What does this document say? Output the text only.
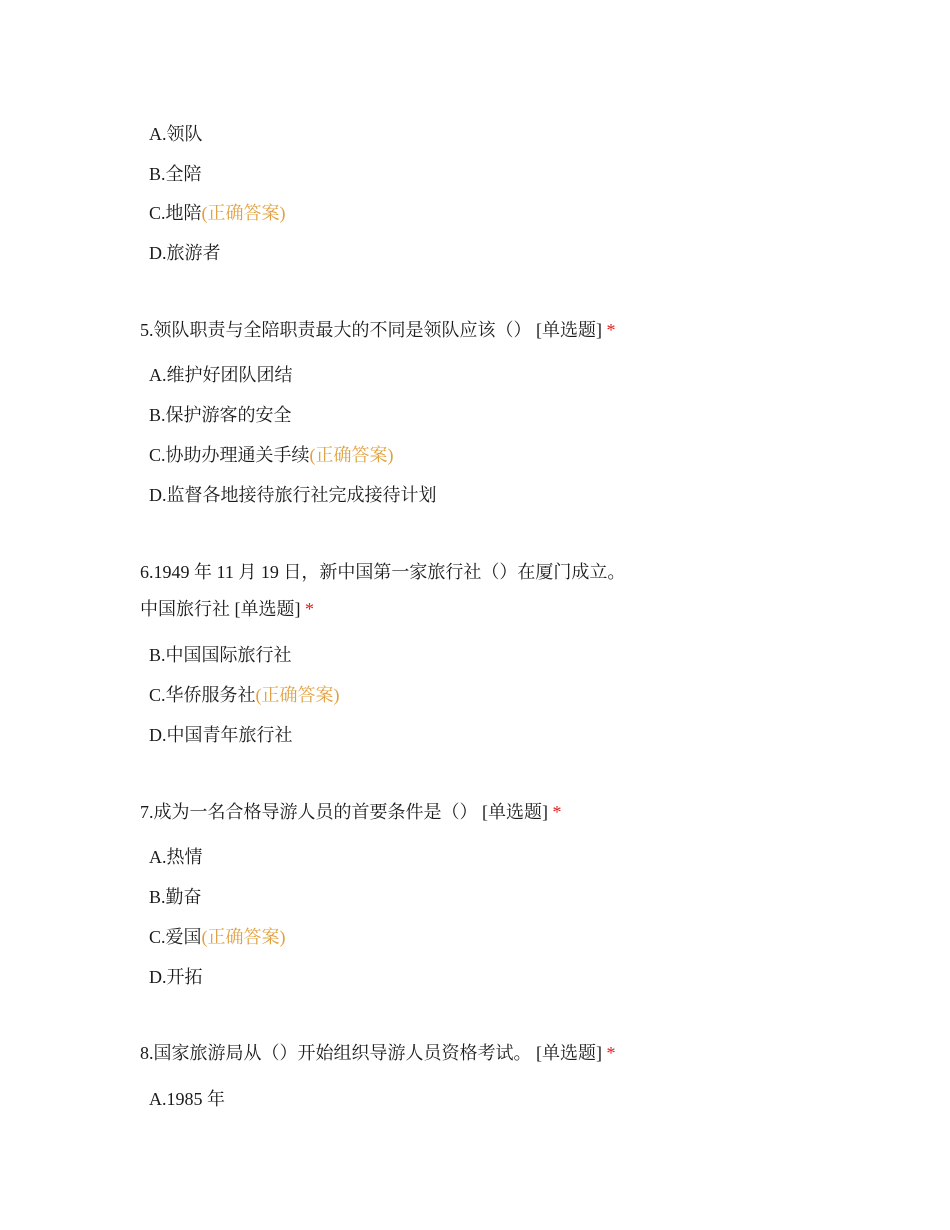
A.领队
B.全陪
C.地陪(正确答案)
D.旅游者
5.领队职责与全陪职责最大的不同是领队应该（） [单选题] *
A.维护好团队团结
B.保护游客的安全
C.协助办理通关手续(正确答案)
D.监督各地接待旅行社完成接待计划
6.1949 年 11 月 19 日，新中国第一家旅行社（）在厦门成立。
中国旅行社 [单选题] *
B.中国国际旅行社
C.华侨服务社(正确答案)
D.中国青年旅行社
7.成为一名合格导游人员的首要条件是（） [单选题] *
A.热情
B.勤奋
C.爱国(正确答案)
D.开拓
8.国家旅游局从（）开始组织导游人员资格考试。 [单选题] *
A.1985 年
